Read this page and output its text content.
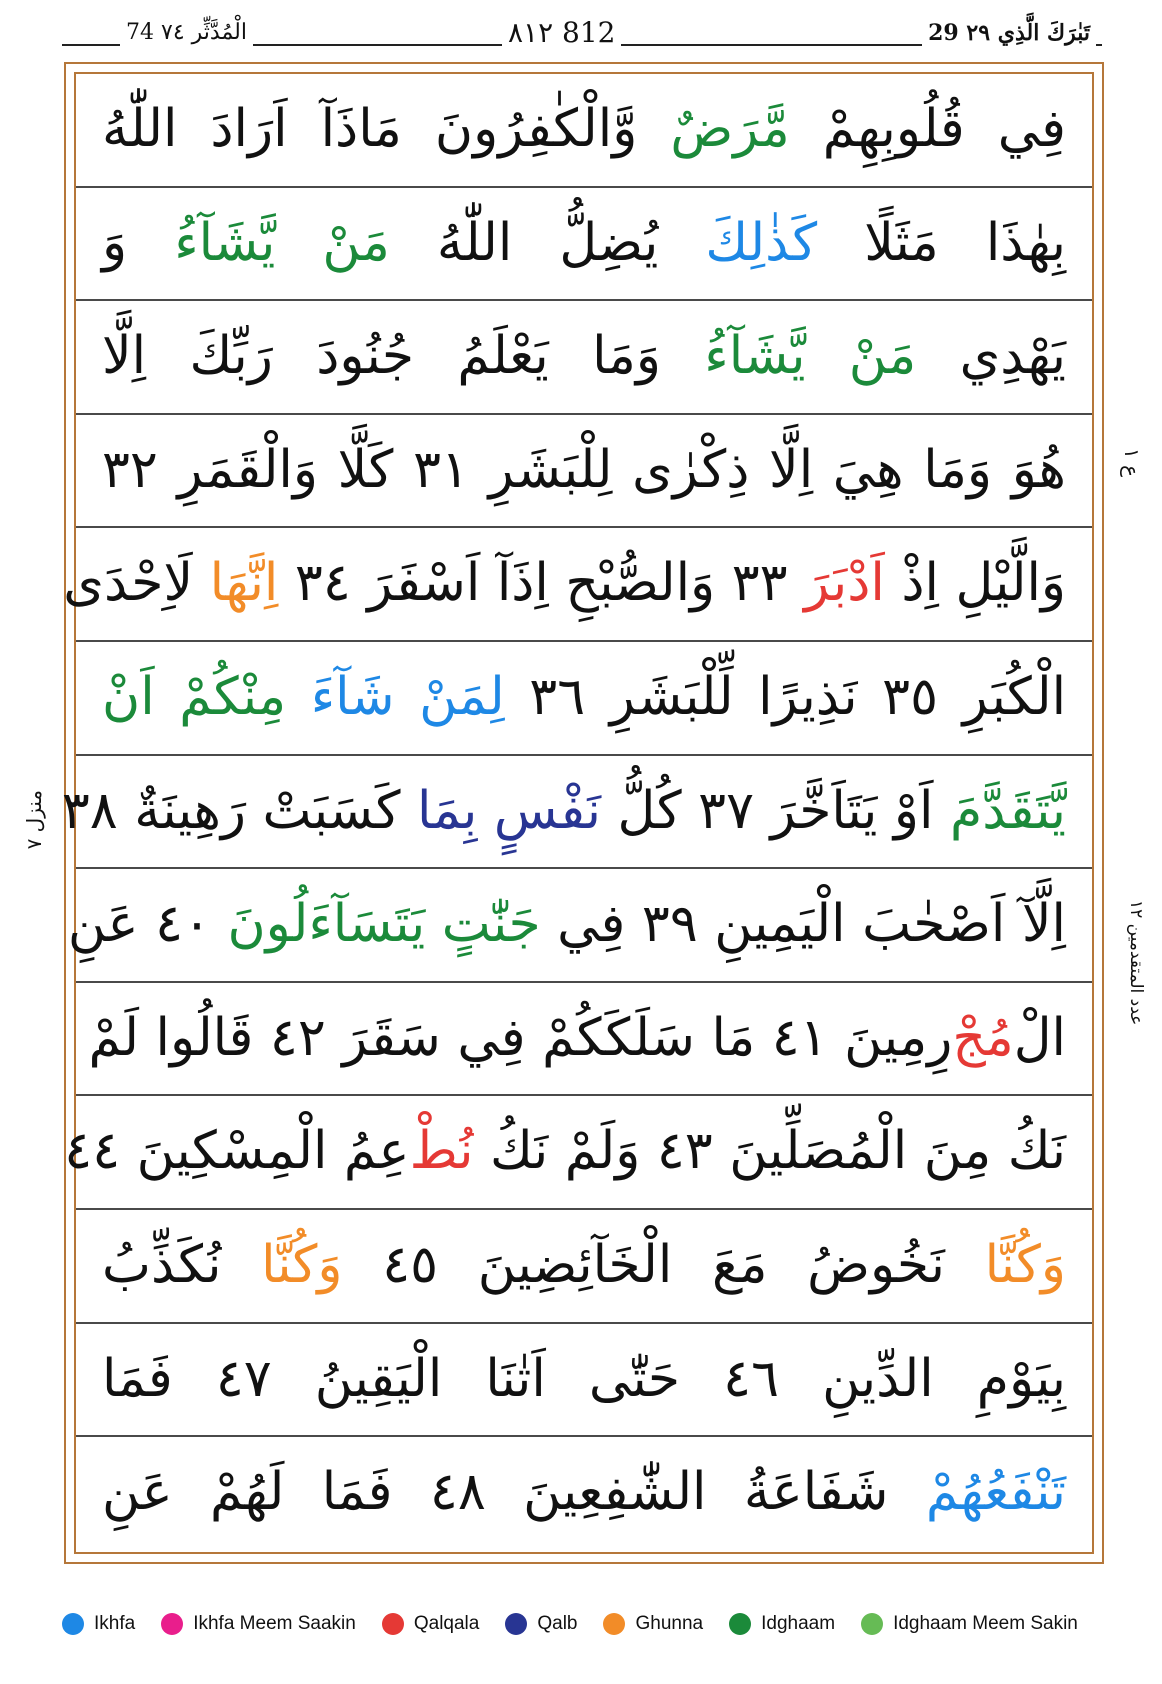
74 الْمُدَّثِّر ٧٤	٨١٢ 812	29 تَبٰرَكَ الَّذِي ٢٩
فِي قُلُوبِهِمْ مَّرَضٌ وَّالْكٰفِرُونَ مَاذَآ اَرَادَ اللّٰهُ
بِهٰذَا مَثَلًا كَذٰلِكَ يُضِلُّ اللّٰهُ مَنْ يَّشَآءُ وَ
يَهْدِي مَنْ يَّشَآءُ وَمَا يَعْلَمُ جُنُودَ رَبِّكَ اِلَّا
هُوَ وَمَا هِيَ اِلَّا ذِكْرٰى لِلْبَشَرِ ٣١ كَلَّا وَالْقَمَرِ ٣٢
وَالَّيْلِ اِذْ اَدْبَرَ ٣٣ وَالصُّبْحِ اِذَآ اَسْفَرَ ٣٤ اِنَّهَا لَاِحْدَى
الْكُبَرِ ٣٥ نَذِيرًا لِّلْبَشَرِ ٣٦ لِمَنْ شَآءَ مِنْكُمْ اَنْ
يَّتَقَدَّمَ اَوْ يَتَاَخَّرَ ٣٧ كُلُّ نَفْسٍ بِمَا كَسَبَتْ رَهِينَةٌ ٣٨
اِلَّآ اَصْحٰبَ الْيَمِينِ ٣٩ فِي جَنّٰتٍ يَتَسَآءَلُونَ ٤٠ عَنِ
الْمُجْرِمِينَ ٤١ مَا سَلَكَكُمْ فِي سَقَرَ ٤٢ قَالُوا لَمْ
نَكُ مِنَ الْمُصَلِّينَ ٤٣ وَلَمْ نَكُ نُطْعِمُ الْمِسْكِينَ ٤٤
وَكُنَّا نَخُوضُ مَعَ الْخَآئِضِينَ ٤٥ وَكُنَّا نُكَذِّبُ
بِيَوْمِ الدِّينِ ٤٦ حَتّٰى اَتٰنَا الْيَقِينُ ٤٧ فَمَا
تَنْفَعُهُمْ شَفَاعَةُ الشّٰفِعِينَ ٤٨ فَمَا لَهُمْ عَنِ
ع ١
منزل ٧
عدد المتقدمين ١٢
Ikhfa	Ikhfa Meem Saakin	Qalqala	Qalb	Ghunna	Idghaam	Idghaam Meem Sakin
